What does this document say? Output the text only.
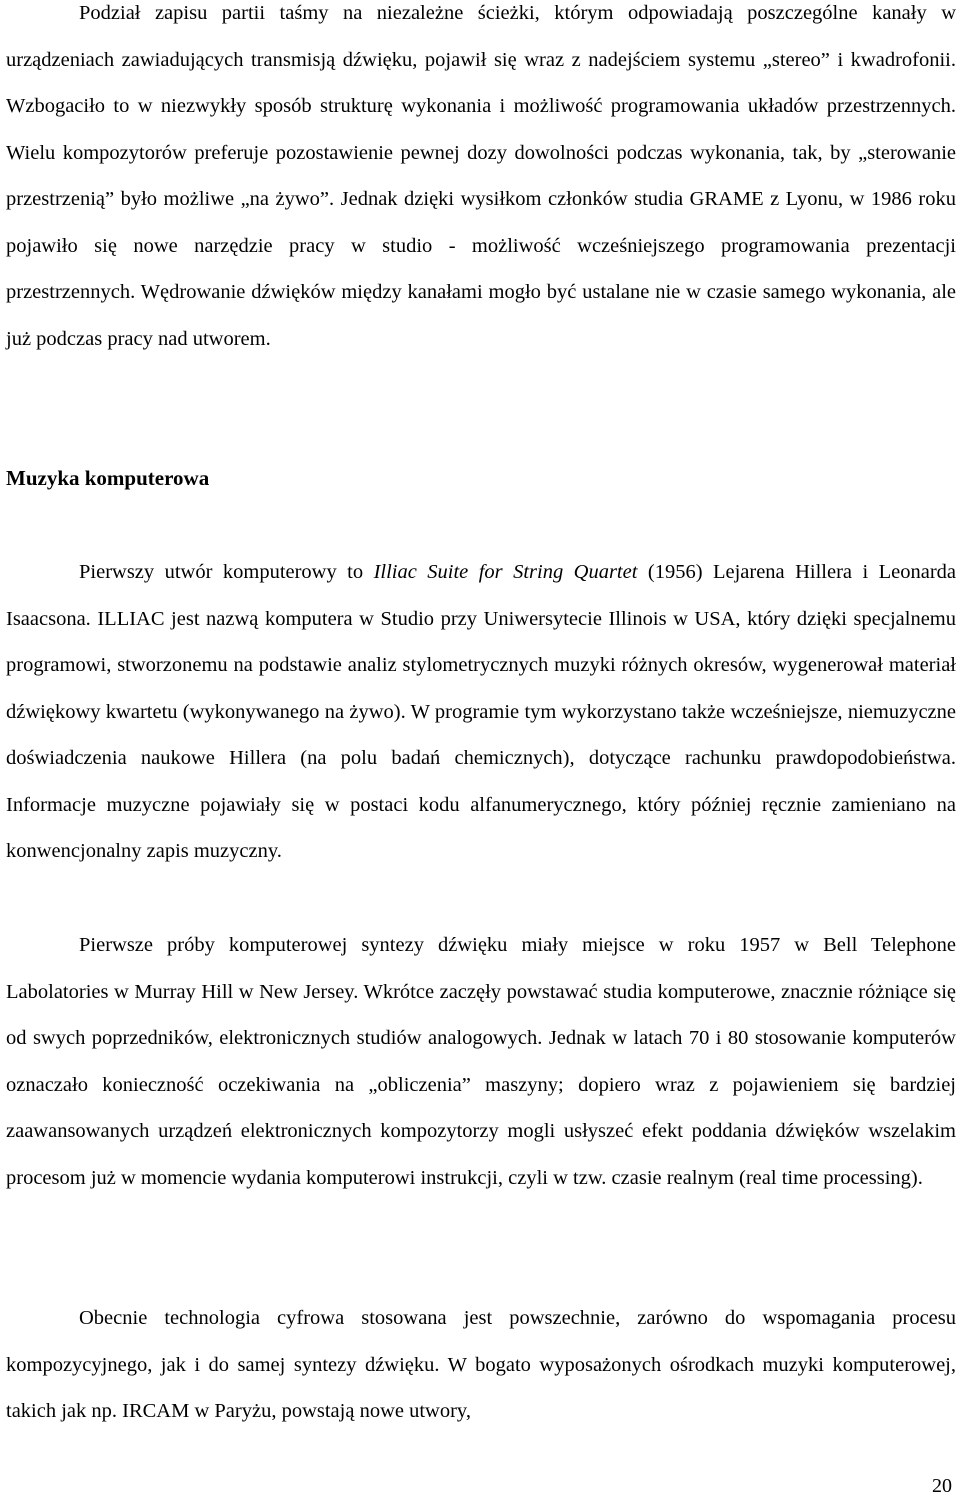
Podział zapisu partii taśmy na niezależne ścieżki, którym odpowiadają poszczególne kanały w urządzeniach zawiadujących transmisją dźwięku, pojawił się wraz z nadejściem systemu „stereo” i kwadrofonii. Wzbogaciło to w niezwykły sposób strukturę wykonania i możliwość programowania układów przestrzennych. Wielu kompozytorów preferuje pozostawienie pewnej dozy dowolności podczas wykonania, tak, by „sterowanie przestrzenią” było możliwe „na żywo”. Jednak dzięki wysiłkom członków studia GRAME z Lyonu, w 1986 roku pojawiło się nowe narzędzie pracy w studio - możliwość wcześniejszego programowania prezentacji przestrzennych. Wędrowanie dźwięków między kanałami mogło być ustalane nie w czasie samego wykonania, ale już podczas pracy nad utworem.

Muzyka komputerowa

Pierwszy utwór komputerowy to Illiac Suite for String Quartet (1956) Lejarena Hillera i Leonarda Isaacsona. ILLIAC jest nazwą komputera w Studio przy Uniwersytecie Illinois w USA, który dzięki specjalnemu programowi, stworzonemu na podstawie analiz stylometrycznych muzyki różnych okresów, wygenerował materiał dźwiękowy kwartetu (wykonywanego na żywo). W programie tym wykorzystano także wcześniejsze, niemuzyczne doświadczenia naukowe Hillera (na polu badań chemicznych), dotyczące rachunku prawdopodobieństwa. Informacje muzyczne pojawiały się w postaci kodu alfanumerycznego, który później ręcznie zamieniano na konwencjonalny zapis muzyczny.

Pierwsze próby komputerowej syntezy dźwięku miały miejsce w roku 1957 w Bell Telephone Labolatories w Murray Hill w New Jersey. Wkrótce zaczęły powstawać studia komputerowe, znacznie różniące się od swych poprzedników, elektronicznych studiów analogowych. Jednak w latach 70 i 80 stosowanie komputerów oznaczało konieczność oczekiwania na „obliczenia” maszyny; dopiero wraz z pojawieniem się bardziej zaawansowanych urządzeń elektronicznych kompozytorzy mogli usłyszeć efekt poddania dźwięków wszelakim procesom już w momencie wydania komputerowi instrukcji, czyli w tzw. czasie realnym (real time processing).

Obecnie technologia cyfrowa stosowana jest powszechnie, zarówno do wspomagania procesu kompozycyjnego, jak i do samej syntezy dźwięku. W bogato wyposażonych ośrodkach muzyki komputerowej, takich jak np. IRCAM w Paryżu, powstają nowe utwory,

20
